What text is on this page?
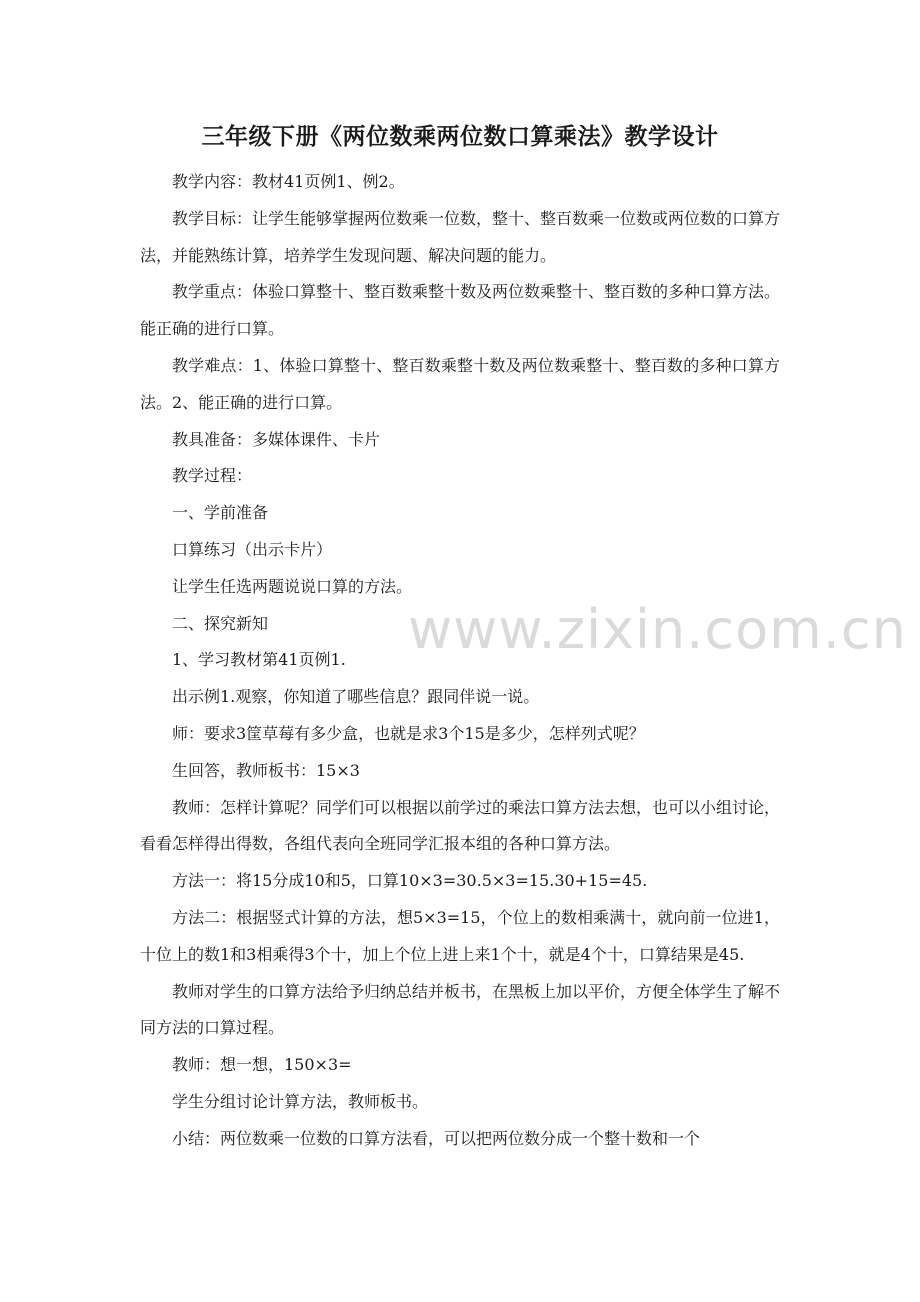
三年级下册《两位数乘两位数口算乘法》教学设计

教学内容：教材41页例1、例2。

教学目标：让学生能够掌握两位数乘一位数，整十、整百数乘一位数或两位数的口算方法，并能熟练计算，培养学生发现问题、解决问题的能力。

教学重点：体验口算整十、整百数乘整十数及两位数乘整十、整百数的多种口算方法。能正确的进行口算。

教学难点：1、体验口算整十、整百数乘整十数及两位数乘整十、整百数的多种口算方法。2、能正确的进行口算。

教具准备：多媒体课件、卡片

教学过程：

一、学前准备

口算练习（出示卡片）

让学生任选两题说说口算的方法。

二、探究新知

1、学习教材第41页例1.

出示例1.观察，你知道了哪些信息？跟同伴说一说。

师：要求3筐草莓有多少盒，也就是求3个15是多少，怎样列式呢？

生回答，教师板书：15×3

教师：怎样计算呢？同学们可以根据以前学过的乘法口算方法去想，也可以小组讨论，看看怎样得出得数，各组代表向全班同学汇报本组的各种口算方法。

方法一：将15分成10和5，口算10×3=30.5×3=15.30+15=45.

方法二：根据竖式计算的方法，想5×3=15，个位上的数相乘满十，就向前一位进1，十位上的数1和3相乘得3个十，加上个位上进上来1个十，就是4个十，口算结果是45.

教师对学生的口算方法给予归纳总结并板书，在黑板上加以平价，方便全体学生了解不同方法的口算过程。

教师：想一想，150×3=

学生分组讨论计算方法，教师板书。

小结：两位数乘一位数的口算方法看，可以把两位数分成一个整十数和一个

www.zixin.com.cn
